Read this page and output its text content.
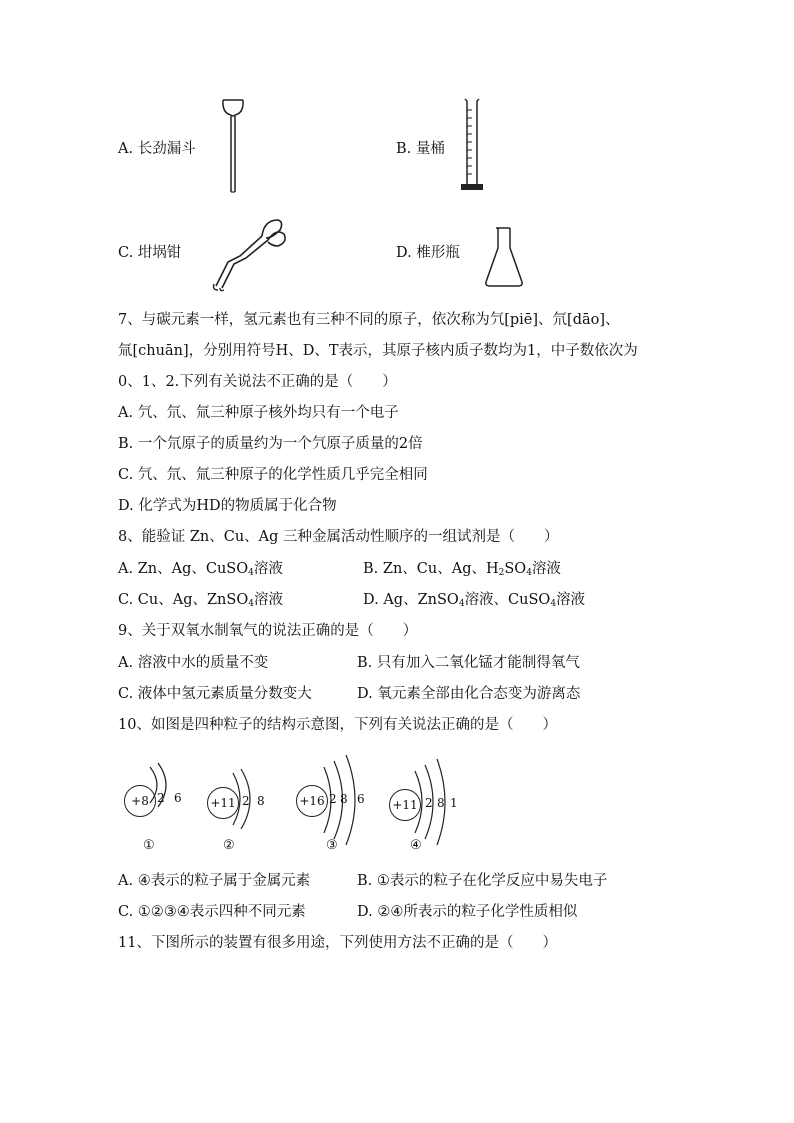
A. 长劲漏斗	B. 量桶
C. 坩埚钳	D. 椎形瓶
7、与碳元素一样，氢元素也有三种不同的原子，依次称为氕[piē]、氘[dāo]、
氚[chuān]，分别用符号H、D、T表示，其原子核内质子数均为1，中子数依次为
0、1、2.下列有关说法不正确的是（　　）
A. 氕、氘、氚三种原子核外均只有一个电子
B. 一个氘原子的质量约为一个氕原子质量的2倍
C. 氕、氘、氚三种原子的化学性质几乎完全相同
D. 化学式为HD的物质属于化合物
8、能验证 Zn、Cu、Ag 三种金属活动性顺序的一组试剂是（　　）
A. Zn、Ag、CuSO$_4$溶液	B. Zn、Cu、Ag、$H_2SO_4$溶液
C. Cu、Ag、ZnSO$_4$溶液	D. Ag、ZnSO$_4$溶液、CuSO$_4$溶液
9、关于双氧水制氧气的说法正确的是（　　）
A. 溶液中水的质量不变	B. 只有加入二氧化锰才能制得氧气
C. 液体中氢元素质量分数变大	D. 氧元素全部由化合态变为游离态
10、如图是四种粒子的结构示意图，下列有关说法正确的是（　　）
+8 2 6
①
+11 2 8
②
+16 2 8 6
③
+11 2 8 1
④
A. ④表示的粒子属于金属元素	B. ①表示的粒子在化学反应中易失电子
C. ①②③④表示四种不同元素	D. ②④所表示的粒子化学性质相似
11、下图所示的装置有很多用途，下列使用方法不正确的是（　　）
